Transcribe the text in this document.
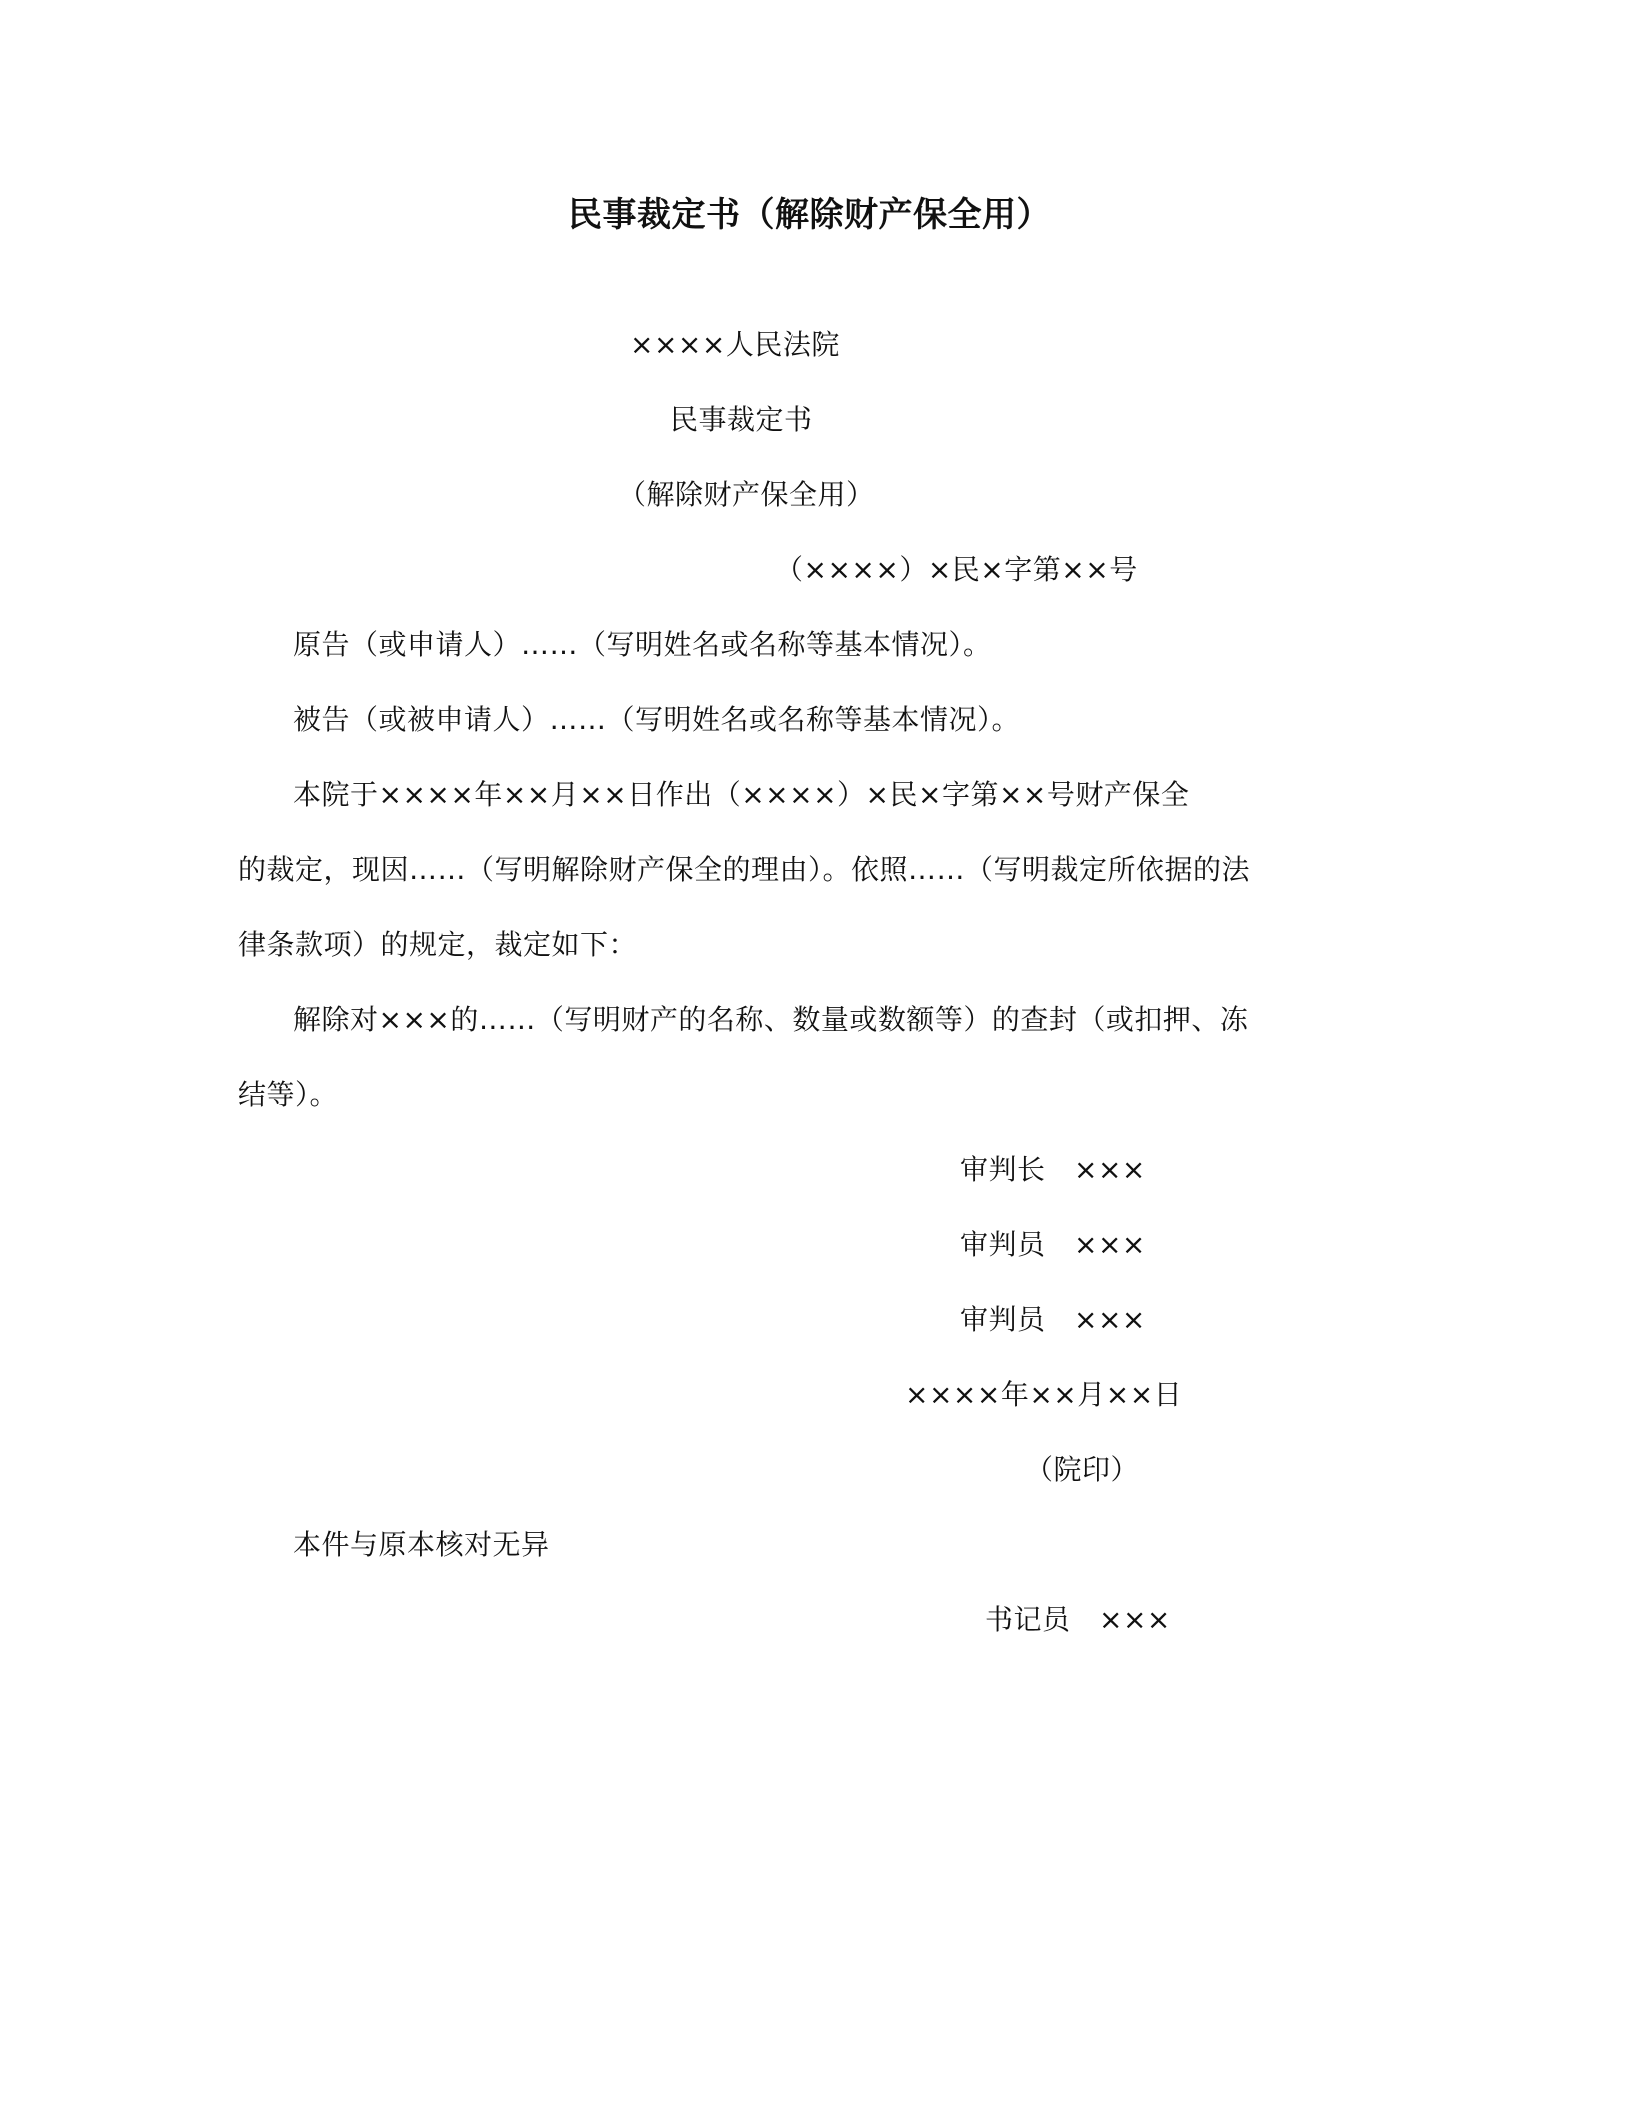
民事裁定书（解除财产保全用）
××××人民法院
民事裁定书
（解除财产保全用）
（××××）×民×字第××号
原告（或申请人）……（写明姓名或名称等基本情况）。
被告（或被申请人）……（写明姓名或名称等基本情况）。
本院于××××年××月××日作出（××××）×民×字第××号财产保全
的裁定，现因……（写明解除财产保全的理由）。依照……（写明裁定所依据的法
律条款项）的规定，裁定如下：
解除对×××的……（写明财产的名称、数量或数额等）的查封（或扣押、冻
结等）。
审判长　×××
审判员　×××
审判员　×××
××××年××月××日
（院印）
本件与原本核对无异
书记员　×××
